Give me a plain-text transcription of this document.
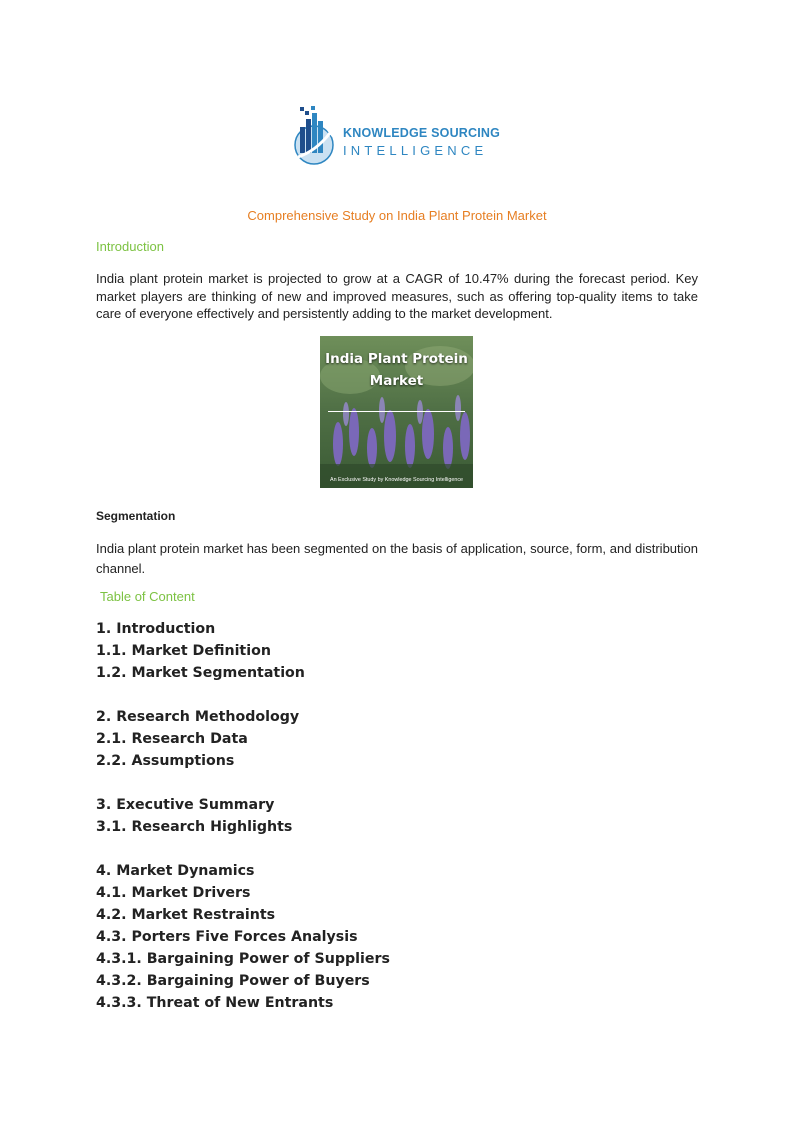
KNOWLEDGE SOURCING
INTELLIGENCE
Comprehensive Study on India Plant Protein Market
Introduction
India plant protein market is projected to grow at a CAGR of 10.47% during the forecast period. Key market players are thinking of new and improved measures, such as offering top-quality items to take care of everyone effectively and persistently adding to the market development.
India Plant Protein Market
An Exclusive Study by Knowledge Sourcing Intelligence
Segmentation
India plant protein market has been segmented on the basis of application, source, form, and distribution channel.
Table of Content
1. Introduction
1.1. Market Definition
1.2. Market Segmentation
2. Research Methodology
2.1. Research Data
2.2. Assumptions
3. Executive Summary
3.1. Research Highlights
4. Market Dynamics
4.1. Market Drivers
4.2. Market Restraints
4.3. Porters Five Forces Analysis
4.3.1. Bargaining Power of Suppliers
4.3.2. Bargaining Power of Buyers
4.3.3. Threat of New Entrants
